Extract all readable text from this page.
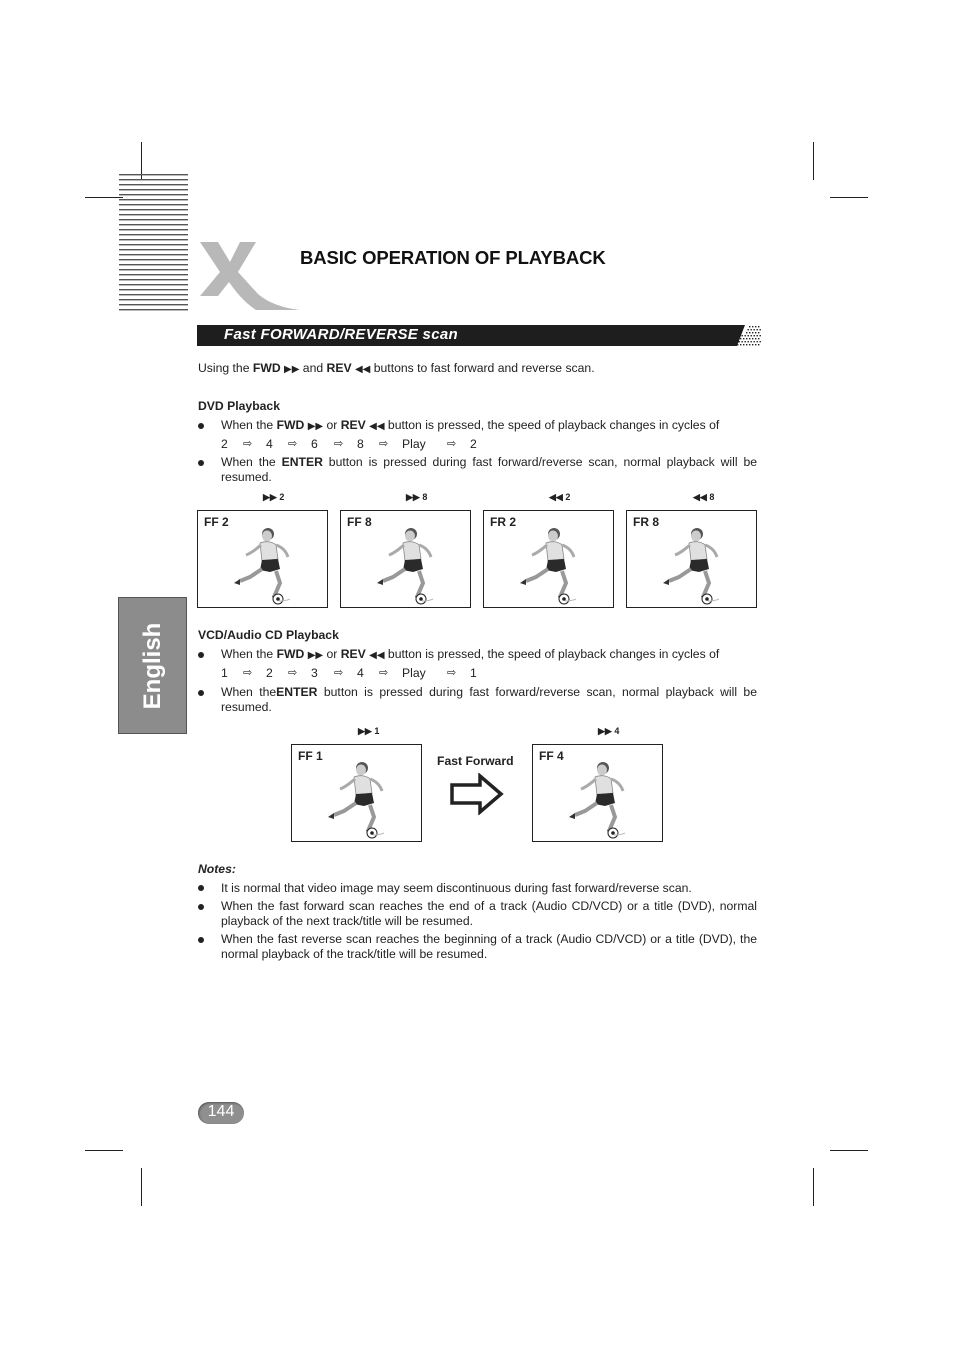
BASIC OPERATION OF PLAYBACK
Fast FORWARD/REVERSE scan
Using the FWD ▶▶ and REV ◀◀ buttons to fast forward and reverse scan.
DVD Playback
When the FWD ▶▶ or REV ◀◀ button is pressed, the speed of playback changes in cycles of
2 ⇨ 4 ⇨ 6 ⇨ 8 ⇨ Play ⇨ 2
When the ENTER button is pressed during fast forward/reverse scan, normal playback will be
resumed.
▶▶ 2	▶▶ 8	◀◀ 2	◀◀ 8
FF 2	FF 8	FR 2	FR 8
English	VCD/Audio CD Playback
When the FWD ▶▶ or REV ◀◀ button is pressed, the speed of playback changes in cycles of
1 ⇨ 2 ⇨ 3 ⇨ 4 ⇨ Play ⇨ 1
When theENTER button is pressed during fast forward/reverse scan, normal playback will be
resumed.
▶▶ 1	▶▶ 4
FF 1	Fast Forward FF 4
Notes:
It is normal that video image may seem discontinuous during fast forward/reverse scan.
When the fast forward scan reaches the end of a track (Audio CD/VCD) or a title (DVD), normal
playback of the next track/title will be resumed.
When the fast reverse scan reaches the beginning of a track (Audio CD/VCD) or a title (DVD), the
normal playback of the track/title will be resumed.
144
